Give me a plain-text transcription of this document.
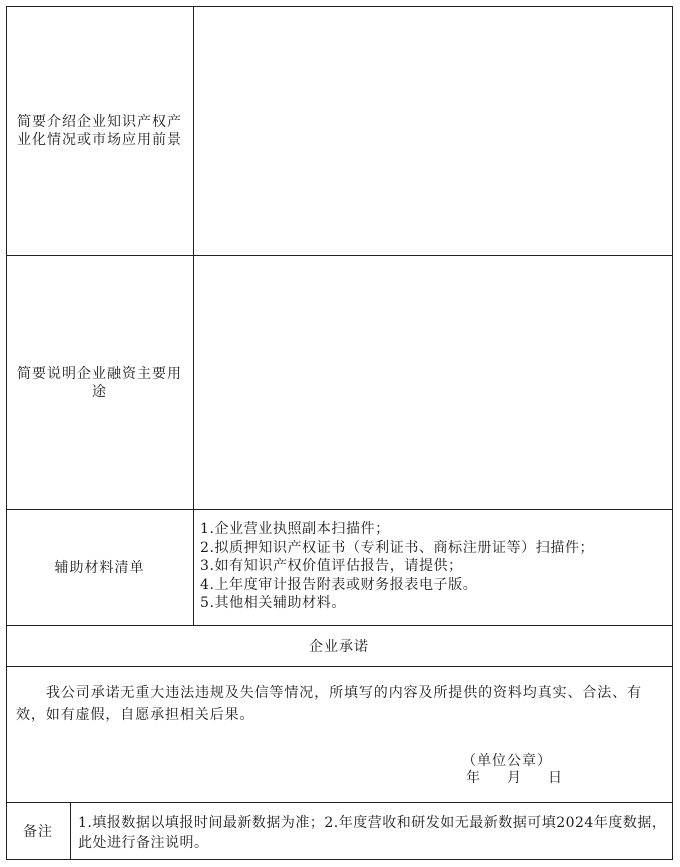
简要介绍企业知识产权产业化情况或市场应用前景
简要说明企业融资主要用途
辅助材料清单
1.企业营业执照副本扫描件；
2.拟质押知识产权证书（专利证书、商标注册证等）扫描件；
3.如有知识产权价值评估报告，请提供；
4.上年度审计报告附表或财务报表电子版。
5.其他相关辅助材料。
企业承诺

我公司承诺无重大违法违规及失信等情况，所填写的内容及所提供的资料均真实、合法、有效，如有虚假，自愿承担相关后果。

（单位公章）
年 月 日
备注

1.填报数据以填报时间最新数据为准；2.年度营收和研发如无最新数据可填2024年度数据，此处进行备注说明。
